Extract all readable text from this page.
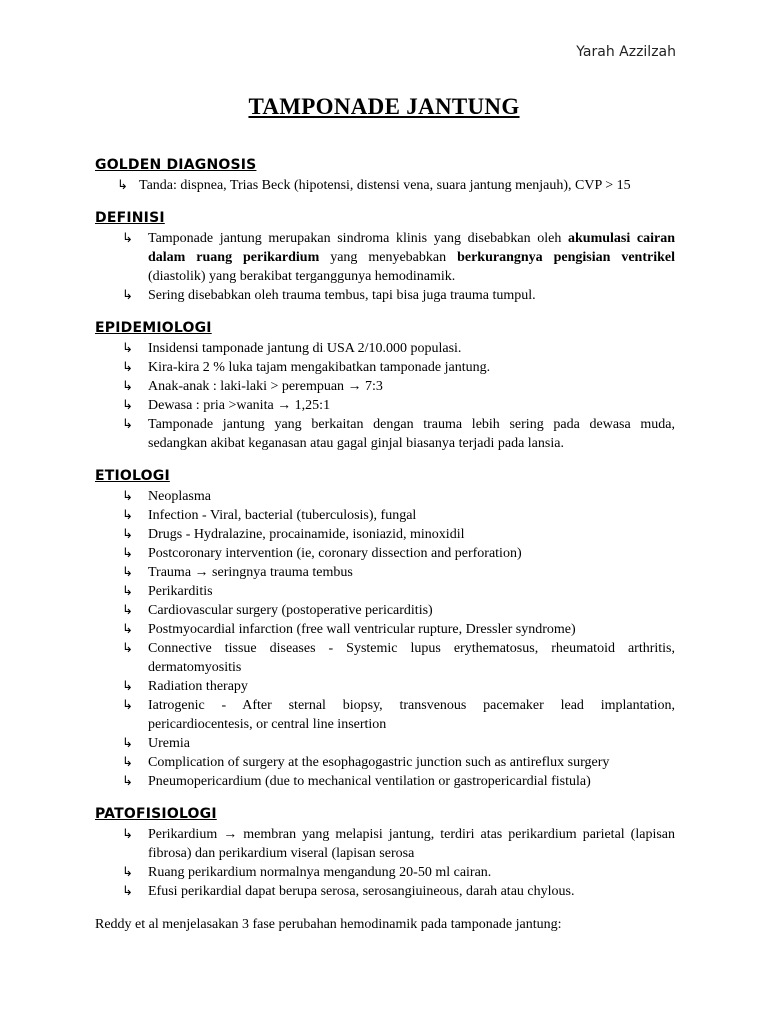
Yarah Azzilzah
TAMPONADE JANTUNG
GOLDEN DIAGNOSIS
↳ Tanda: dispnea, Trias Beck (hipotensi, distensi vena, suara jantung menjauh), CVP > 15
DEFINISI
↳ Tamponade jantung merupakan sindroma klinis yang disebabkan oleh akumulasi cairan dalam ruang perikardium yang menyebabkan berkurangnya pengisian ventrikel (diastolik) yang berakibat terganggunya hemodinamik.
↳ Sering disebabkan oleh trauma tembus, tapi bisa juga trauma tumpul.
EPIDEMIOLOGI
↳ Insidensi tamponade jantung di USA 2/10.000 populasi.
↳ Kira-kira 2 % luka tajam mengakibatkan tamponade jantung.
↳ Anak-anak : laki-laki > perempuan → 7:3
↳ Dewasa : pria >wanita → 1,25:1
↳ Tamponade jantung yang berkaitan dengan trauma lebih sering pada dewasa muda, sedangkan akibat keganasan atau gagal ginjal biasanya terjadi pada lansia.
ETIOLOGI
↳ Neoplasma
↳ Infection - Viral, bacterial (tuberculosis), fungal
↳ Drugs - Hydralazine, procainamide, isoniazid, minoxidil
↳ Postcoronary intervention (ie, coronary dissection and perforation)
↳ Trauma → seringnya trauma tembus
↳ Perikarditis
↳ Cardiovascular surgery (postoperative pericarditis)
↳ Postmyocardial infarction (free wall ventricular rupture, Dressler syndrome)
↳ Connective tissue diseases - Systemic lupus erythematosus, rheumatoid arthritis, dermatomyositis
↳ Radiation therapy
↳ Iatrogenic - After sternal biopsy, transvenous pacemaker lead implantation, pericardiocentesis, or central line insertion
↳ Uremia
↳ Complication of surgery at the esophagogastric junction such as antireflux surgery
↳ Pneumopericardium (due to mechanical ventilation or gastropericardial fistula)
PATOFISIOLOGI
↳ Perikardium → membran yang melapisi jantung, terdiri atas perikardium parietal (lapisan fibrosa) dan perikardium viseral (lapisan serosa
↳ Ruang perikardium normalnya mengandung 20-50 ml cairan.
↳ Efusi perikardial dapat berupa serosa, serosangiuineous, darah atau chylous.
Reddy et al menjelasakan 3 fase perubahan hemodinamik pada tamponade jantung:
